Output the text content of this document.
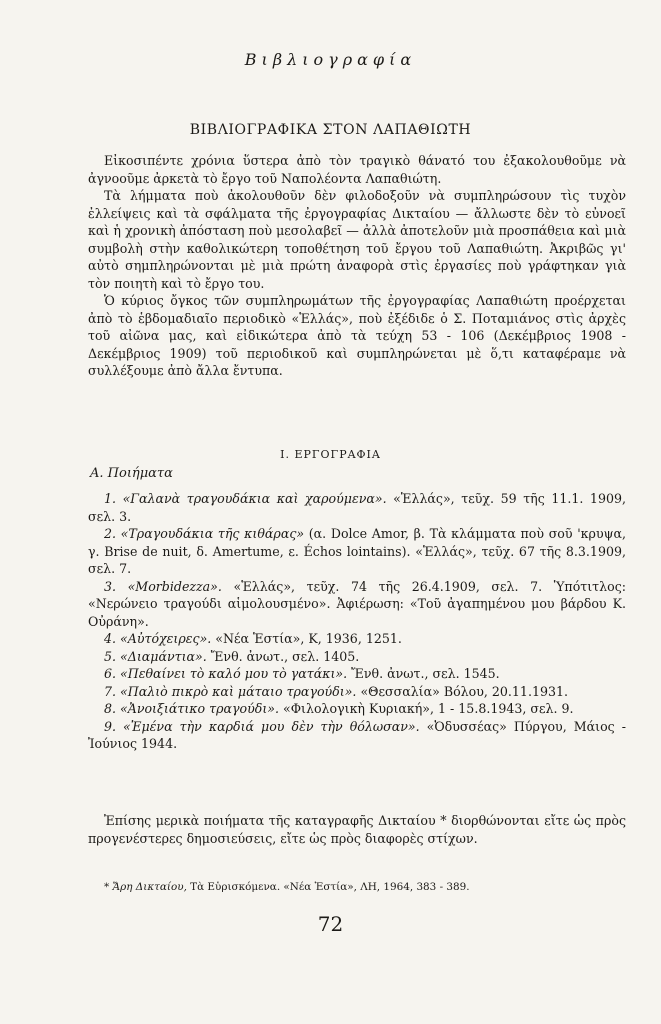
Βιβλιογραφία
ΒΙΒΛΙΟΓΡΑΦΙΚΑ ΣΤΟΝ ΛΑΠΑΘΙΩΤΗ

Εἰκοσιπέντε χρόνια ὕστερα ἀπὸ τὸν τραγικὸ θάνατό του ἐξακολουθοῦμε νὰ ἀγνοοῦμε ἀρκετὰ τὸ ἔργο τοῦ Ναπολέοντα Λαπαθιώτη.

Τὰ λήμματα ποὺ ἀκολουθοῦν δὲν φιλοδοξοῦν νὰ συμπληρώσουν τὶς τυχὸν ἐλλείψεις καὶ τὰ σφάλματα τῆς ἐργογραφίας Δικταίου — ἄλλωστε δὲν τὸ εὐνοεῖ καὶ ἡ χρονικὴ ἀπόσταση ποὺ μεσολαβεῖ — ἀλλὰ ἀποτελοῦν μιὰ προσπάθεια καὶ μιὰ συμβολὴ στὴν καθολικώτερη τοποθέτηση τοῦ ἔργου τοῦ Λαπαθιώτη. Ἀκριβῶς γι' αὐτὸ σημπληρώνονται μὲ μιὰ πρώτη ἀναφορὰ στὶς ἐργασίες ποὺ γράφτηκαν γιὰ τὸν ποιητὴ καὶ τὸ ἔργο του.

Ὁ κύριος ὄγκος τῶν συμπληρωμάτων τῆς ἐργογραφίας Λαπαθιώτη προέρχεται ἀπὸ τὸ ἑβδομαδιαῖο περιοδικὸ «Ἑλλάς», ποὺ ἐξέδιδε ὁ Σ. Ποταμιάνος στὶς ἀρχὲς τοῦ αἰῶνα μας, καὶ εἰδικώτερα ἀπὸ τὰ τεύχη 53 - 106 (Δεκέμβριος 1908 - Δεκέμβριος 1909) τοῦ περιοδικοῦ καὶ συμπληρώνεται μὲ ὅ,τι καταφέραμε νὰ συλλέξουμε ἀπὸ ἄλλα ἔντυπα.

Ι. ΕΡΓΟΓΡΑΦΙΑ
Α. Ποιήματα

1. «Γαλανὰ τραγουδάκια καὶ χαρούμενα». «Ἑλλάς», τεῦχ. 59 τῆς 11.1. 1909, σελ. 3.

2. «Τραγουδάκια τῆς κιθάρας» (α. Dolce Amor, β. Τὰ κλάμματα ποὺ σοῦ 'κρυψα, γ. Brise de nuit, δ. Amertume, ε. Échos lointains). «Ἑλλάς», τεῦχ. 67 τῆς 8.3.1909, σελ. 7.

3. «Morbidezza». «Ἑλλάς», τεῦχ. 74 τῆς 26.4.1909, σελ. 7. Ὑπότιτλος: «Νερώνειο τραγούδι αἱμολουσμένο». Ἀφιέρωση: «Τοῦ ἀγαπημένου μου βάρδου Κ. Οὐράνη».

4. «Αὐτόχειρες». «Νέα Ἑστία», Κ, 1936, 1251.

5. «Διαμάντια». Ἔνθ. ἀνωτ., σελ. 1405.

6. «Πεθαίνει τὸ καλό μου τὸ γατάκι». Ἔνθ. ἀνωτ., σελ. 1545.

7. «Παλιὸ πικρὸ καὶ μάταιο τραγούδι». «Θεσσαλία» Βόλου, 20.11.1931.

8. «Ἀνοιξιάτικο τραγούδι». «Φιλολογικὴ Κυριακή», 1 - 15.8.1943, σελ. 9.

9. «Ἐμένα τὴν καρδιά μου δὲν τὴν θόλωσαν». «Ὀδυσσέας» Πύργου, Μάιος - Ἰούνιος 1944.

Ἐπίσης μερικὰ ποιήματα τῆς καταγραφῆς Δικταίου * διορθώνονται εἴτε ὡς πρὸς προγενέστερες δημοσιεύσεις, εἴτε ὡς πρὸς διαφορὲς στίχων.

* Ἄρη Δικταίου, Τὰ Εὑρισκόμενα. «Νέα Ἑστία», ΛΗ, 1964, 383 - 389.
72
